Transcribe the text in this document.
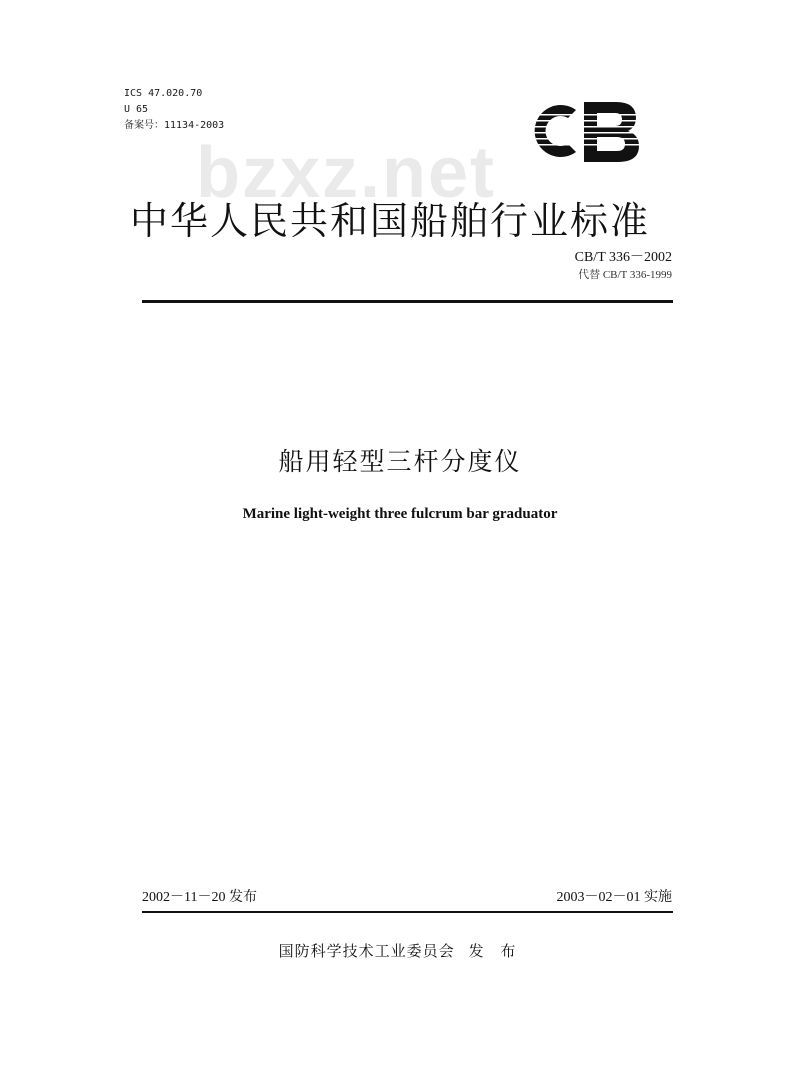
ICS 47.020.70
U 65
备案号：11134-2003
bzxz.net
中华人民共和国船舶行业标准
CB/T 336－2002
代替 CB/T 336-1999
船用轻型三杆分度仪
Marine light-weight three fulcrum bar graduator
2002－11－20 发布	2003－02－01 实施
国防科学技术工业委员会 发 布
